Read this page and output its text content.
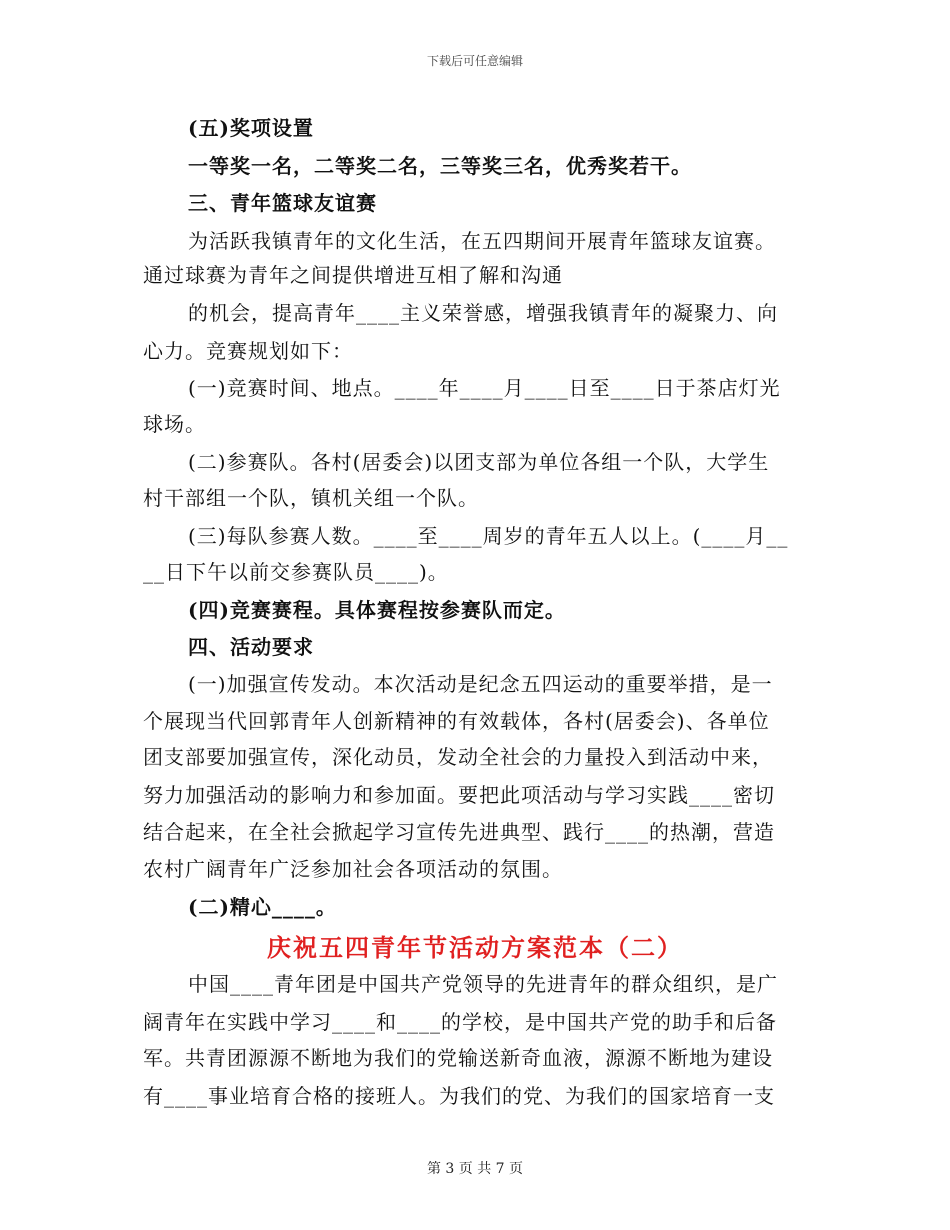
下载后可任意编辑
(五)奖项设置
一等奖一名，二等奖二名，三等奖三名，优秀奖若干。
三、青年篮球友谊赛
为活跃我镇青年的文化生活，在五四期间开展青年篮球友谊赛。
通过球赛为青年之间提供增进互相了解和沟通
的机会，提高青年____主义荣誉感，增强我镇青年的凝聚力、向
心力。竞赛规划如下：
(一)竞赛时间、地点。____年____月____日至____日于茶店灯光
球场。
(二)参赛队。各村(居委会)以团支部为单位各组一个队，大学生
村干部组一个队，镇机关组一个队。
(三)每队参赛人数。____至____周岁的青年五人以上。(____月__
__日下午以前交参赛队员____)。
(四)竞赛赛程。具体赛程按参赛队而定。
四、活动要求
(一)加强宣传发动。本次活动是纪念五四运动的重要举措，是一
个展现当代回郭青年人创新精神的有效载体，各村(居委会)、各单位
团支部要加强宣传，深化动员，发动全社会的力量投入到活动中来，
努力加强活动的影响力和参加面。要把此项活动与学习实践____密切
结合起来，在全社会掀起学习宣传先进典型、践行____的热潮，营造
农村广阔青年广泛参加社会各项活动的氛围。
(二)精心____。
庆祝五四青年节活动方案范本（二）
中国____青年团是中国共产党领导的先进青年的群众组织，是广
阔青年在实践中学习____和____的学校，是中国共产党的助手和后备
军。共青团源源不断地为我们的党输送新奇血液，源源不断地为建设
有____事业培育合格的接班人。为我们的党、为我们的国家培育一支
第 3 页 共 7 页
